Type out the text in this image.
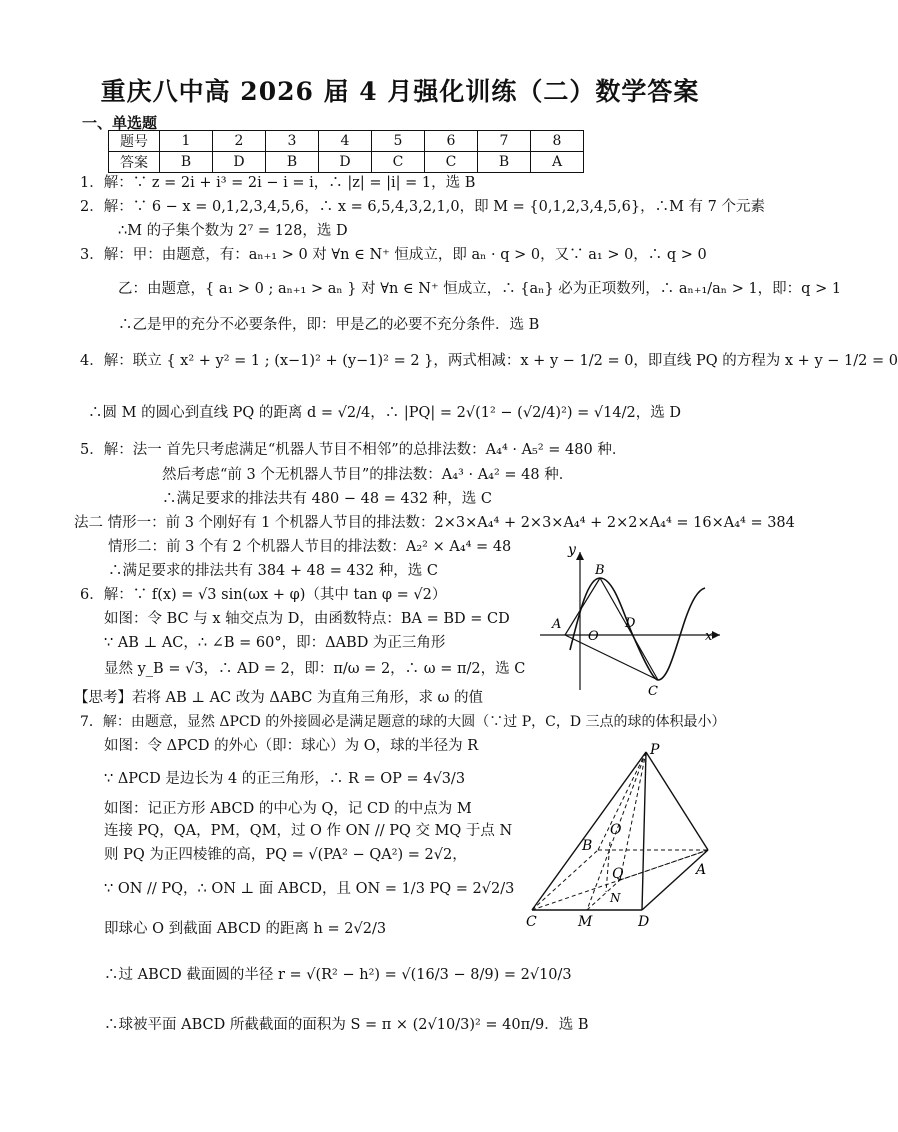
重庆八中高 2026 届 4 月强化训练（二）数学答案
一、单选题
题号	1	2	3	4	5	6	7	8
答案	B	D	B	D	C	C	B	A
1．解：∵ z = 2i + i³ = 2i − i = i，∴ |z| = |i| = 1，选 B
2．解：∵ 6 − x = 0,1,2,3,4,5,6，∴ x = 6,5,4,3,2,1,0，即 M = {0,1,2,3,4,5,6}，∴M 有 7 个元素
∴M 的子集个数为 2⁷ = 128，选 D
3．解：甲：由题意，有：aₙ₊₁ > 0 对 ∀n ∈ N⁺ 恒成立，即 aₙ · q > 0，又∵ a₁ > 0，∴ q > 0
乙：由题意，{ a₁ > 0 ; aₙ₊₁ > aₙ } 对 ∀n ∈ N⁺ 恒成立，∴ {aₙ} 必为正项数列，∴ aₙ₊₁/aₙ > 1，即：q > 1
∴乙是甲的充分不必要条件，即：甲是乙的必要不充分条件．选 B
4．解：联立 { x² + y² = 1 ; (x−1)² + (y−1)² = 2 }，两式相减：x + y − 1/2 = 0，即直线 PQ 的方程为 x + y − 1/2 = 0
∴圆 M 的圆心到直线 PQ 的距离 d = √2/4，∴ |PQ| = 2√(1² − (√2/4)²) = √14/2，选 D
5．解：法一 首先只考虑满足“机器人节目不相邻”的总排法数：A₄⁴ · A₅² = 480 种．
然后考虑“前 3 个无机器人节目”的排法数：A₄³ · A₄² = 48 种．
∴满足要求的排法共有 480 − 48 = 432 种，选 C
法二 情形一：前 3 个刚好有 1 个机器人节目的排法数：2×3×A₄⁴ + 2×3×A₄⁴ + 2×2×A₄⁴ = 16×A₄⁴ = 384
情形二：前 3 个有 2 个机器人节目的排法数：A₂² × A₄⁴ = 48
∴满足要求的排法共有 384 + 48 = 432 种，选 C
6．解：∵ f(x) = √3 sin(ωx + φ)（其中 tan φ = √2）
如图：令 BC 与 x 轴交点为 D，由函数特点：BA = BD = CD
∵ AB ⊥ AC，∴ ∠B = 60°，即：ΔABD 为正三角形
显然 y_B = √3，∴ AD = 2，即：π/ω = 2，∴ ω = π/2，选 C
【思考】若将 AB ⊥ AC 改为 ΔABC 为直角三角形，求 ω 的值
7．解：由题意，显然 ΔPCD 的外接圆必是满足题意的球的大圆（∵过 P，C，D 三点的球的体积最小）
如图：令 ΔPCD 的外心（即：球心）为 O，球的半径为 R
∵ ΔPCD 是边长为 4 的正三角形，∴ R = OP = 4√3/3
如图：记正方形 ABCD 的中心为 Q，记 CD 的中点为 M
连接 PQ，QA，PM，QM，过 O 作 ON // PQ 交 MQ 于点 N
则 PQ 为正四棱锥的高，PQ = √(PA² − QA²) = 2√2，
∵ ON // PQ，∴ ON ⊥ 面 ABCD，且 ON = 1/3 PQ = 2√2/3
即球心 O 到截面 ABCD 的距离 h = 2√2/3
∴过 ABCD 截面圆的半径 r = √(R² − h²) = √(16/3 − 8/9) = 2√10/3
∴球被平面 ABCD 所截截面的面积为 S = π × (2√10/3)² = 40π/9．选 B
y
B
A
O
D
x
C
P
O
B
Q
N
A
C	M	D
